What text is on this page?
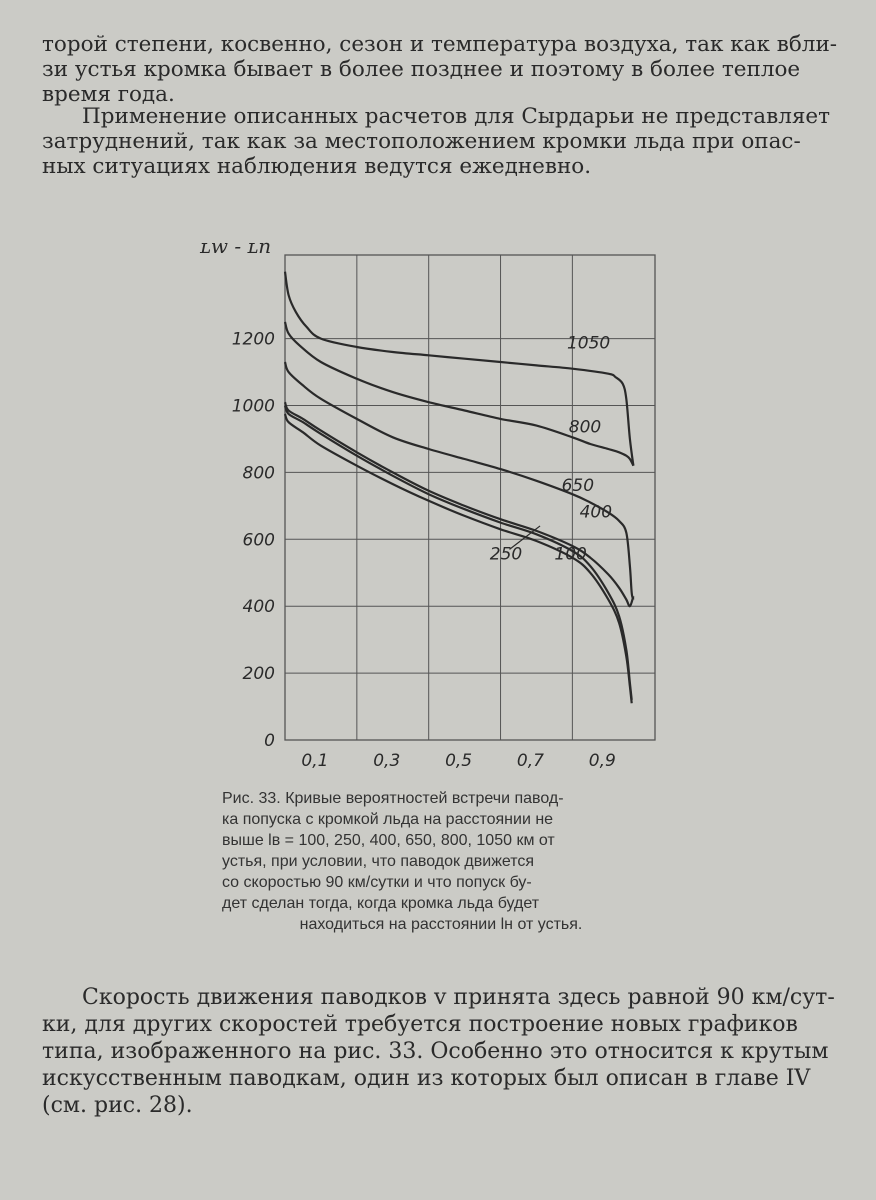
торой степени, косвенно, сезон и температура воздуха, так как вбли-
зи устья кромка бывает в более позднее и поэтому в более теплое
время года.
Применение описанных расчетов для Сырдарьи не представляет
затруднений, так как за местоположением кромки льда при опас-
ных ситуациях наблюдения ведутся ежедневно.
0
200
400
600
800
1000
1200
0,1	0,3	0,5	0,7	0,9
ʟw - ʟn
1050
800
650
400
250 100
Рис. 33. Кривые вероятностей встречи павод-
ка попуска с кромкой льда на расстоянии не
выше lв = 100, 250, 400, 650, 800, 1050 км от
устья, при условии, что паводок движется
со скоростью 90 км/сутки и что попуск бу-
дет сделан тогда, когда кромка льда будет
находиться на расстоянии lн от устья.
Скорость движения паводков v принята здесь равной 90 км/сут-
ки, для других скоростей требуется построение новых графиков
типа, изображенного на рис. 33. Особенно это относится к крутым
искусственным паводкам, один из которых был описан в главе IV
(см. рис. 28).
